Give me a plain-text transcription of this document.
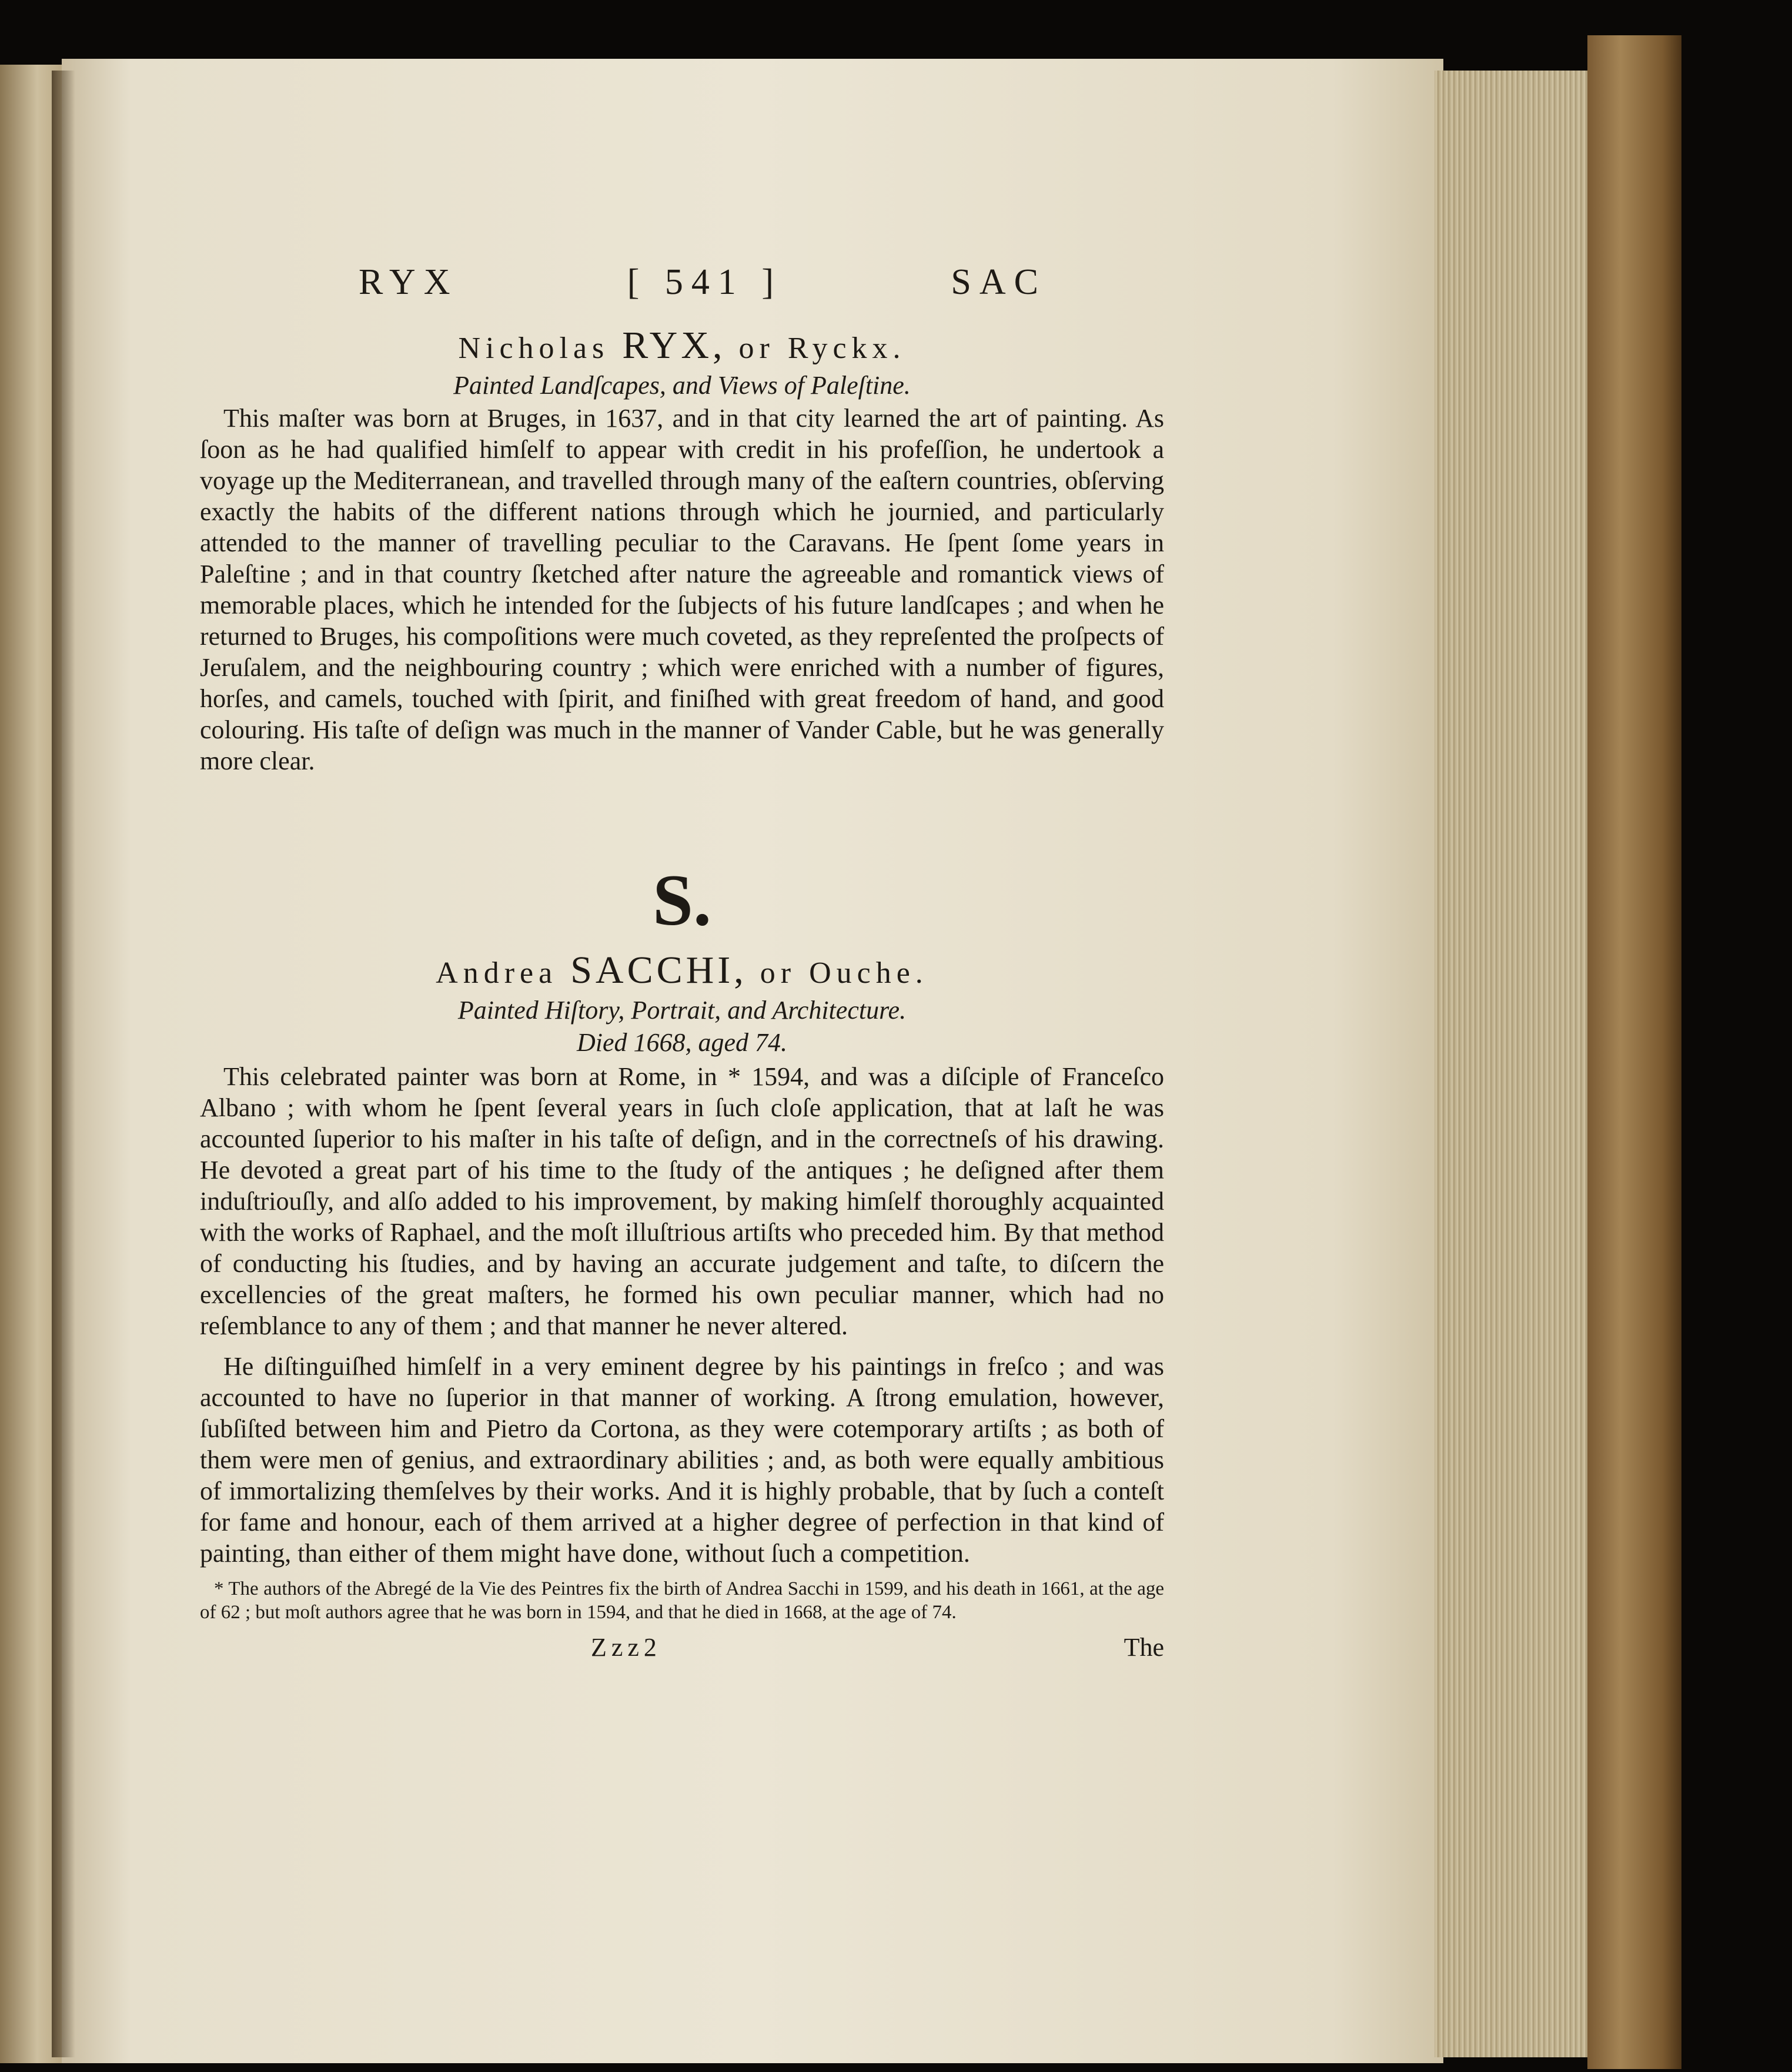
RYX	[ 541 ]	SAC
Nicholas RYX, or Ryckx.
Painted Landſcapes, and Views of Paleſtine.

This maſter was born at Bruges, in 1637, and in that city learned the art of painting. As ſoon as he had qualified himſelf to appear with credit in his profeſſion, he undertook a voyage up the Mediterranean, and travelled through many of the eaſtern countries, obſerving exactly the habits of the different nations through which he journied, and particularly attended to the manner of travelling peculiar to the Caravans. He ſpent ſome years in Paleſtine ; and in that country ſketched after nature the agreeable and romantick views of memorable places, which he intended for the ſubjects of his future landſcapes ; and when he returned to Bruges, his compoſitions were much coveted, as they repreſented the proſpects of Jeruſalem, and the neighbouring country ; which were enriched with a number of figures, horſes, and camels, touched with ſpirit, and finiſhed with great freedom of hand, and good colouring. His taſte of deſign was much in the manner of Vander Cable, but he was generally more clear.

S.

Andrea SACCHI, or Ouche.
Painted Hiſtory, Portrait, and Architecture.
Died 1668, aged 74.

This celebrated painter was born at Rome, in * 1594, and was a diſciple of Franceſco Albano ; with whom he ſpent ſeveral years in ſuch cloſe application, that at laſt he was accounted ſuperior to his maſter in his taſte of deſign, and in the correctneſs of his drawing. He devoted a great part of his time to the ſtudy of the antiques ; he deſigned after them induſtriouſly, and alſo added to his improvement, by making himſelf thoroughly acquainted with the works of Raphael, and the moſt illuſtrious artiſts who preceded him. By that method of conducting his ſtudies, and by having an accurate judgement and taſte, to diſcern the excellencies of the great maſters, he formed his own peculiar manner, which had no reſemblance to any of them ; and that manner he never altered.

He diſtinguiſhed himſelf in a very eminent degree by his paintings in freſco ; and was accounted to have no ſuperior in that manner of working. A ſtrong emulation, however, ſubſiſted between him and Pietro da Cortona, as they were cotemporary artiſts ; as both of them were men of genius, and extraordinary abilities ; and, as both were equally ambitious of immortalizing themſelves by their works. And it is highly probable, that by ſuch a conteſt for fame and honour, each of them arrived at a higher degree of perfection in that kind of painting, than either of them might have done, without ſuch a competition.

* The authors of the Abregé de la Vie des Peintres fix the birth of Andrea Sacchi in 1599, and his death in 1661, at the age of 62 ; but moſt authors agree that he was born in 1594, and that he died in 1668, at the age of 74.

Zzz2	The
